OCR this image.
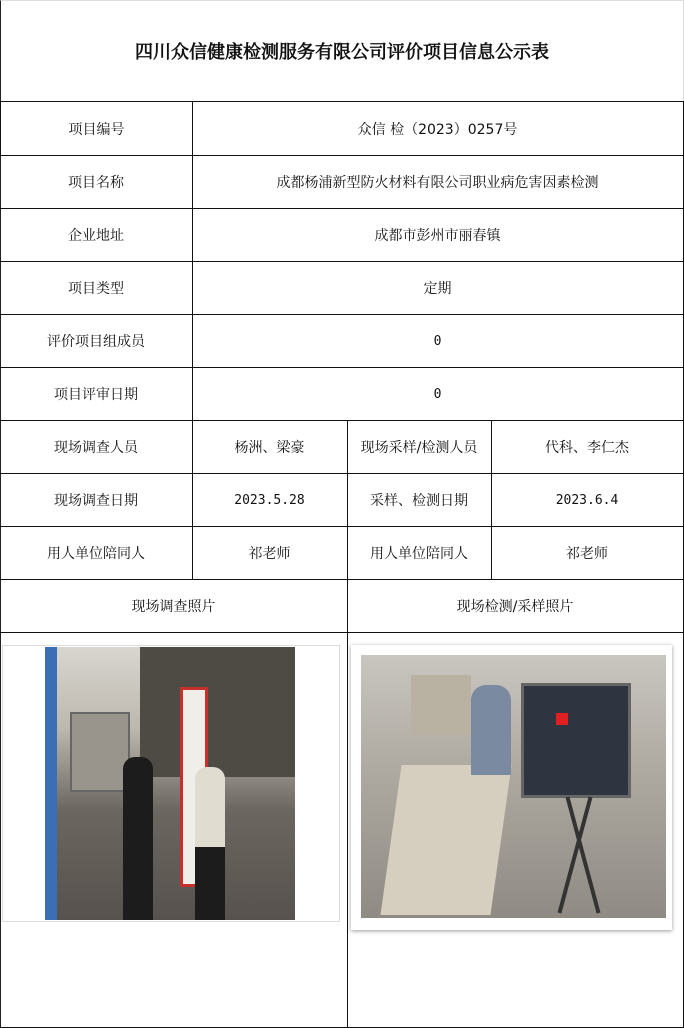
四川众信健康检测服务有限公司评价项目信息公示表
项目编号	众信 检（2023）0257号
项目名称	成都杨浦新型防火材料有限公司职业病危害因素检测
企业地址	成都市彭州市丽春镇
项目类型	定期
评价项目组成员	0
项目评审日期	0
现场调查人员	杨洲、梁豪	现场采样/检测人员	代科、李仁杰
现场调查日期	2023.5.28	采样、检测日期	2023.6.4
用人单位陪同人	祁老师	用人单位陪同人	祁老师
现场调查照片	现场检测/采样照片
